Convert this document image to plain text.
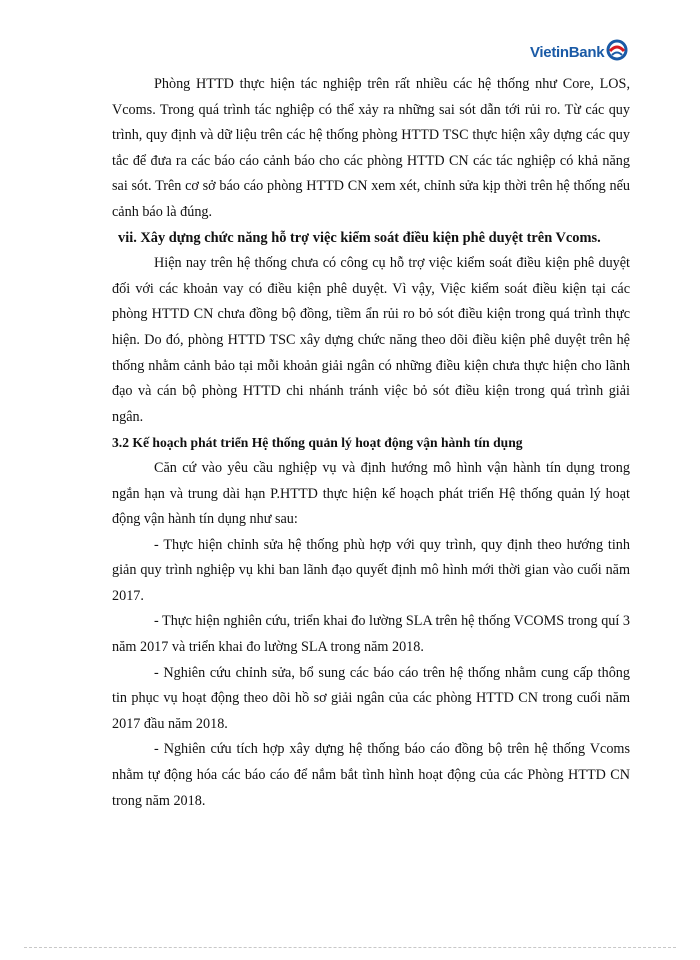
VietinBank

Phòng HTTD thực hiện tác nghiệp trên rất nhiều các hệ thống như Core, LOS, Vcoms. Trong quá trình tác nghiệp có thể xảy ra những sai sót dẫn tới rủi ro. Từ các quy trình, quy định và dữ liệu trên các hệ thống phòng HTTD TSC thực hiện xây dựng các quy tắc để đưa ra các báo cáo cảnh báo cho các phòng HTTD CN các tác nghiệp có khả năng sai sót. Trên cơ sở báo cáo phòng HTTD CN xem xét, chỉnh sửa kịp thời trên hệ thống nếu cảnh báo là đúng.

vii. Xây dựng chức năng hỗ trợ việc kiểm soát điều kiện phê duyệt trên Vcoms.

Hiện nay trên hệ thống chưa có công cụ hỗ trợ việc kiểm soát điều kiện phê duyệt đối với các khoản vay có điều kiện phê duyệt. Vì vậy, Việc kiểm soát điều kiện tại các phòng HTTD CN chưa đồng bộ đồng, tiềm ẩn rủi ro bỏ sót điều kiện trong quá trình thực hiện. Do đó, phòng HTTD TSC xây dựng chức năng theo dõi điều kiện phê duyệt trên hệ thống nhằm cảnh bảo tại mỗi khoản giải ngân có những điều kiện chưa thực hiện cho lãnh đạo và cán bộ phòng HTTD chi nhánh tránh việc bỏ sót điều kiện trong quá trình giải ngân.

3.2 Kế hoạch phát triển Hệ thống quản lý hoạt động vận hành tín dụng

Căn cứ vào yêu cầu nghiệp vụ và định hướng mô hình vận hành tín dụng trong ngắn hạn và trung dài hạn P.HTTD thực hiện kế hoạch phát triển Hệ thống quản lý hoạt động vận hành tín dụng như sau:

- Thực hiện chỉnh sửa hệ thống phù hợp với quy trình, quy định theo hướng tinh giản quy trình nghiệp vụ khi ban lãnh đạo quyết định mô hình mới thời gian vào cuối năm 2017.

- Thực hiện nghiên cứu, triển khai đo lường SLA trên hệ thống VCOMS trong quí 3 năm 2017 và triển khai đo lường SLA trong năm 2018.

- Nghiên cứu chỉnh sửa, bổ sung các báo cáo trên hệ thống nhằm cung cấp thông tin phục vụ hoạt động theo dõi hồ sơ giải ngân của các phòng HTTD CN trong cuối năm 2017 đầu năm 2018.

- Nghiên cứu tích hợp xây dựng hệ thống báo cáo đồng bộ trên hệ thống Vcoms nhằm tự động hóa các báo cáo để nắm bắt tình hình hoạt động của các Phòng HTTD CN trong năm 2018.
